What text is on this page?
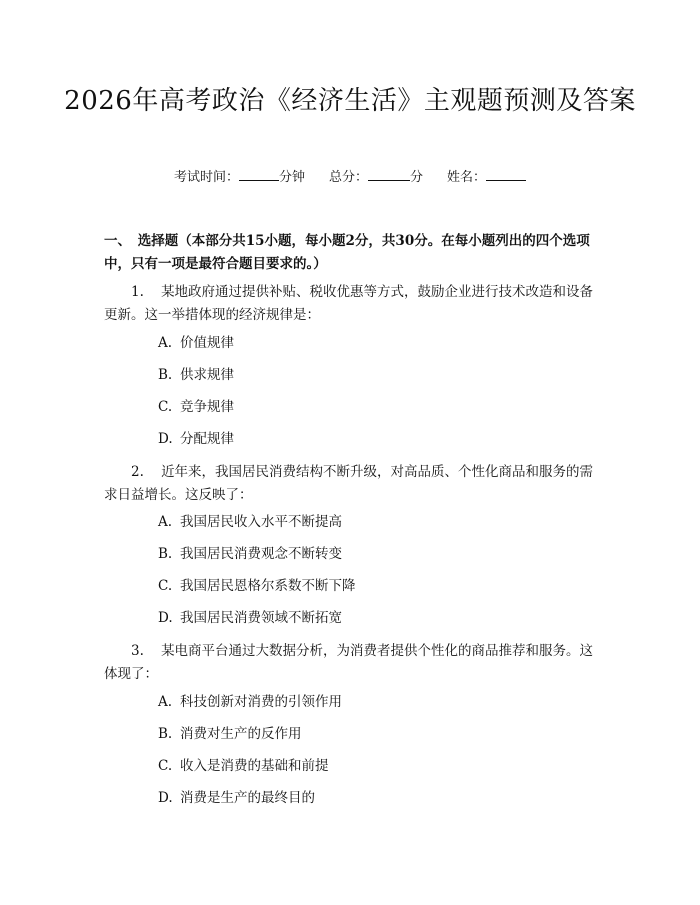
2026年高考政治《经济生活》主观题预测及答案
考试时间：	分钟 总分：	分 姓名：
一、　选择题（本部分共15小题，每小题2分，共30分。在每小题列出的四个选项中，只有一项是最符合题目要求的。）
1. 某地政府通过提供补贴、税收优惠等方式，鼓励企业进行技术改造和设备更新。这一举措体现的经济规律是：
A. 价值规律
B. 供求规律
C. 竞争规律
D. 分配规律
2. 近年来，我国居民消费结构不断升级，对高品质、个性化商品和服务的需求日益增长。这反映了：
A. 我国居民收入水平不断提高
B. 我国居民消费观念不断转变
C. 我国居民恩格尔系数不断下降
D. 我国居民消费领域不断拓宽
3. 某电商平台通过大数据分析，为消费者提供个性化的商品推荐和服务。这体现了：
A. 科技创新对消费的引领作用
B. 消费对生产的反作用
C. 收入是消费的基础和前提
D. 消费是生产的最终目的
